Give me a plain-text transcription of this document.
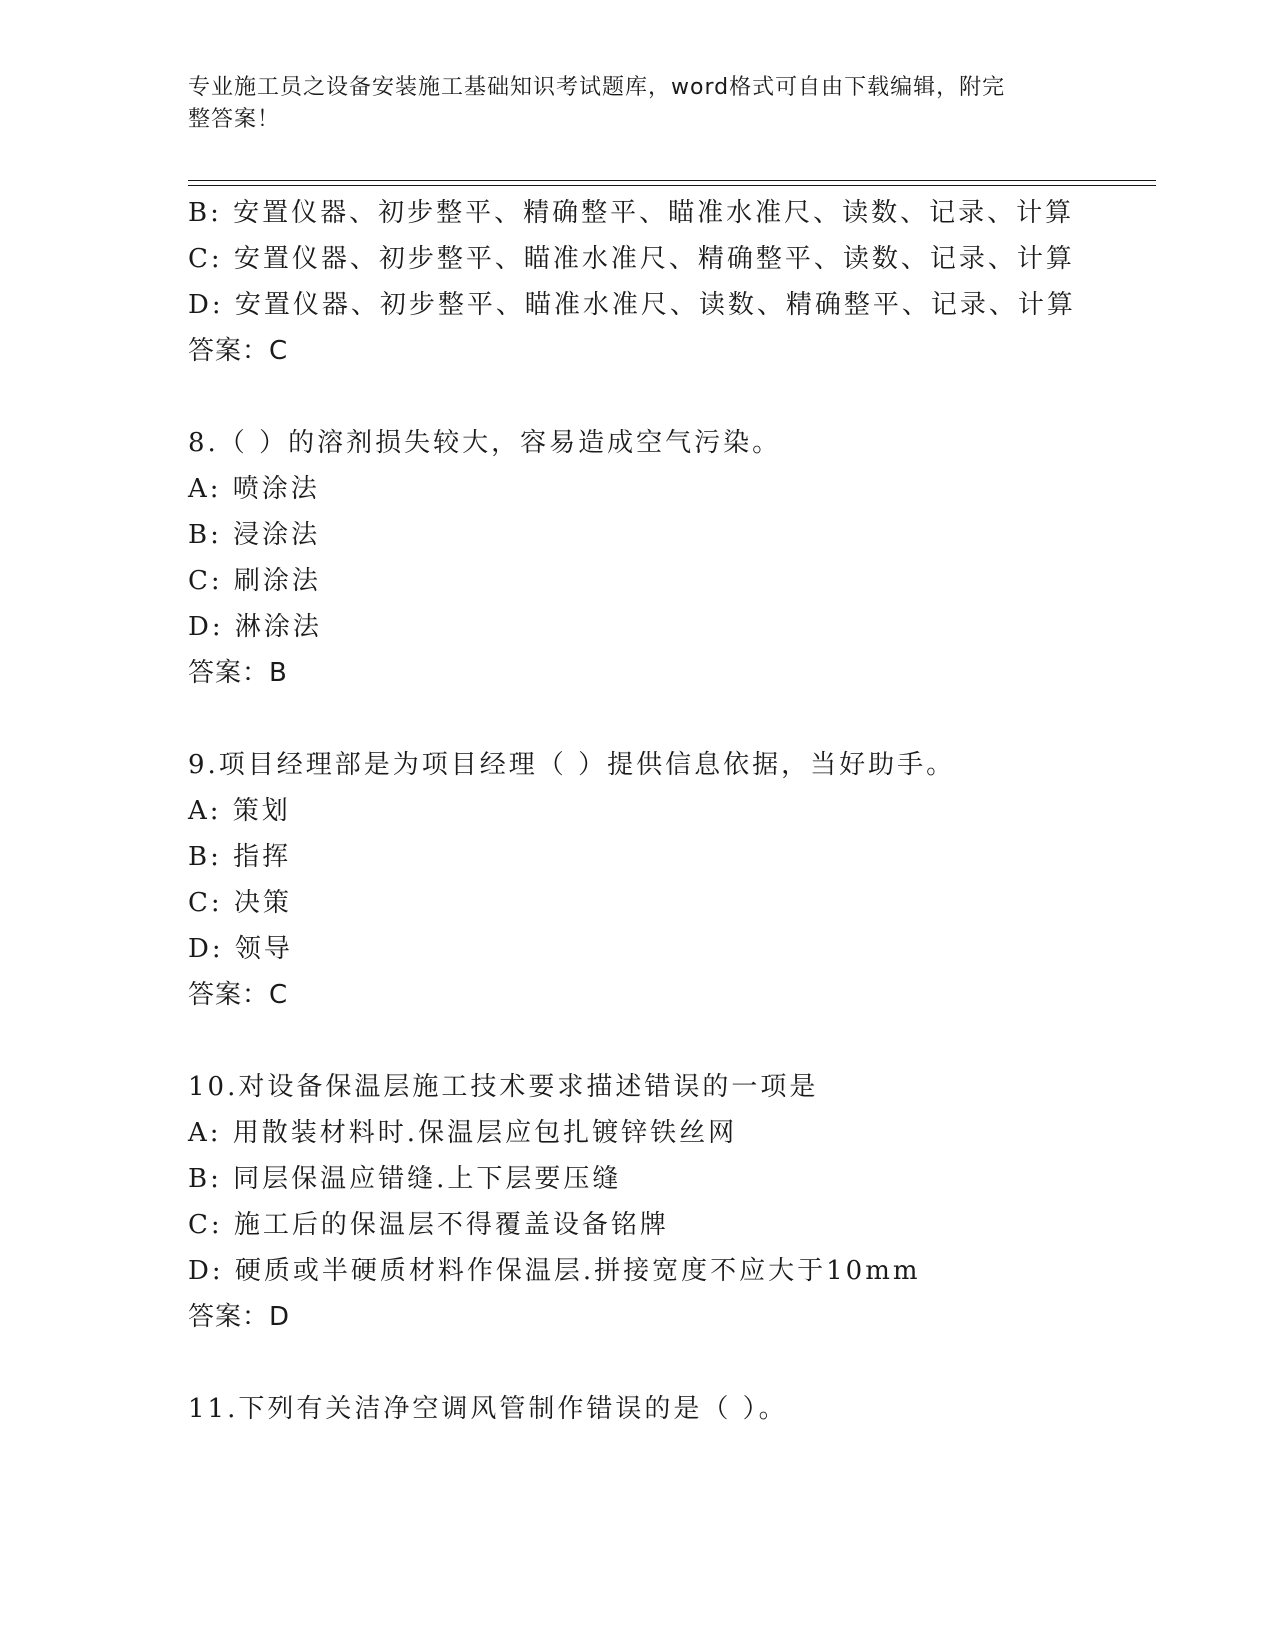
专业施工员之设备安装施工基础知识考试题库，word格式可自由下载编辑，附完
整答案！
B: 安置仪器、初步整平、精确整平、瞄准水准尺、读数、记录、计算
C: 安置仪器、初步整平、瞄准水准尺、精确整平、读数、记录、计算
D: 安置仪器、初步整平、瞄准水准尺、读数、精确整平、记录、计算
答案：C
8.（ ）的溶剂损失较大，容易造成空气污染。
A: 喷涂法
B: 浸涂法
C: 刷涂法
D: 淋涂法
答案：B
9.项目经理部是为项目经理（ ）提供信息依据，当好助手。
A: 策划
B: 指挥
C: 决策
D: 领导
答案：C
10.对设备保温层施工技术要求描述错误的一项是
A: 用散装材料时.保温层应包扎镀锌铁丝网
B: 同层保温应错缝.上下层要压缝
C: 施工后的保温层不得覆盖设备铭牌
D: 硬质或半硬质材料作保温层.拼接宽度不应大于10mm
答案：D
11.下列有关洁净空调风管制作错误的是（ ）。
